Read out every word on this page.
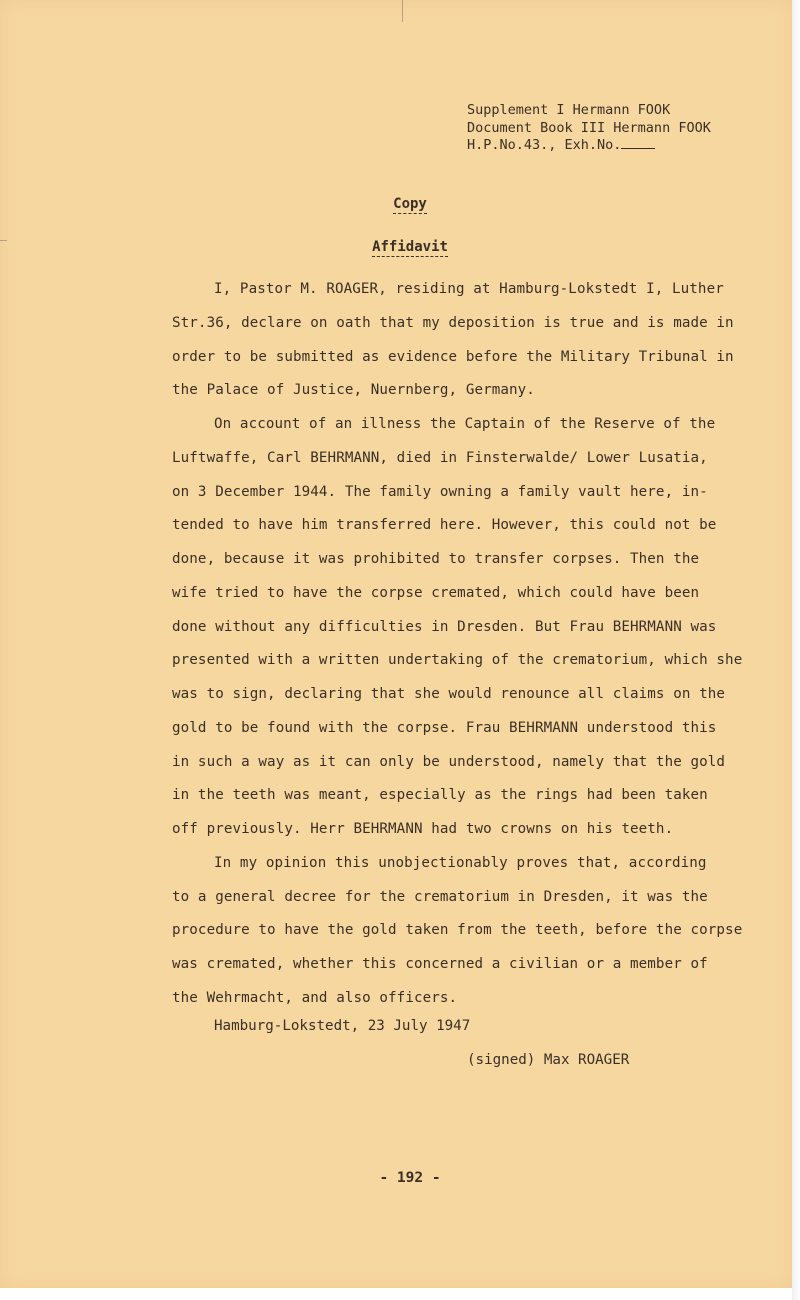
Supplement I Hermann FOOK
Document Book III Hermann FOOK
H.P.No.43., Exh.No.
Copy
Affidavit
I, Pastor M. ROAGER, residing at Hamburg-Lokstedt I, Luther
Str.36, declare on oath that my deposition is true and is made in
order to be submitted as evidence before the Military Tribunal in
the Palace of Justice, Nuernberg, Germany.
On account of an illness the Captain of the Reserve of the
Luftwaffe, Carl BEHRMANN, died in Finsterwalde/ Lower Lusatia,
on 3 December 1944. The family owning a family vault here, in-
tended to have him transferred here. However, this could not be
done, because it was prohibited to transfer corpses. Then the
wife tried to have the corpse cremated, which could have been
done without any difficulties in Dresden. But Frau BEHRMANN was
presented with a written undertaking of the crematorium, which she
was to sign, declaring that she would renounce all claims on the
gold to be found with the corpse. Frau BEHRMANN understood this
in such a way as it can only be understood, namely that the gold
in the teeth was meant, especially as the rings had been taken
off previously. Herr BEHRMANN had two crowns on his teeth.
In my opinion this unobjectionably proves that, according
to a general decree for the crematorium in Dresden, it was the
procedure to have the gold taken from the teeth, before the corpse
was cremated, whether this concerned a civilian or a member of
the Wehrmacht, and also officers.
Hamburg-Lokstedt, 23 July 1947
(signed) Max ROAGER
- 192 -
